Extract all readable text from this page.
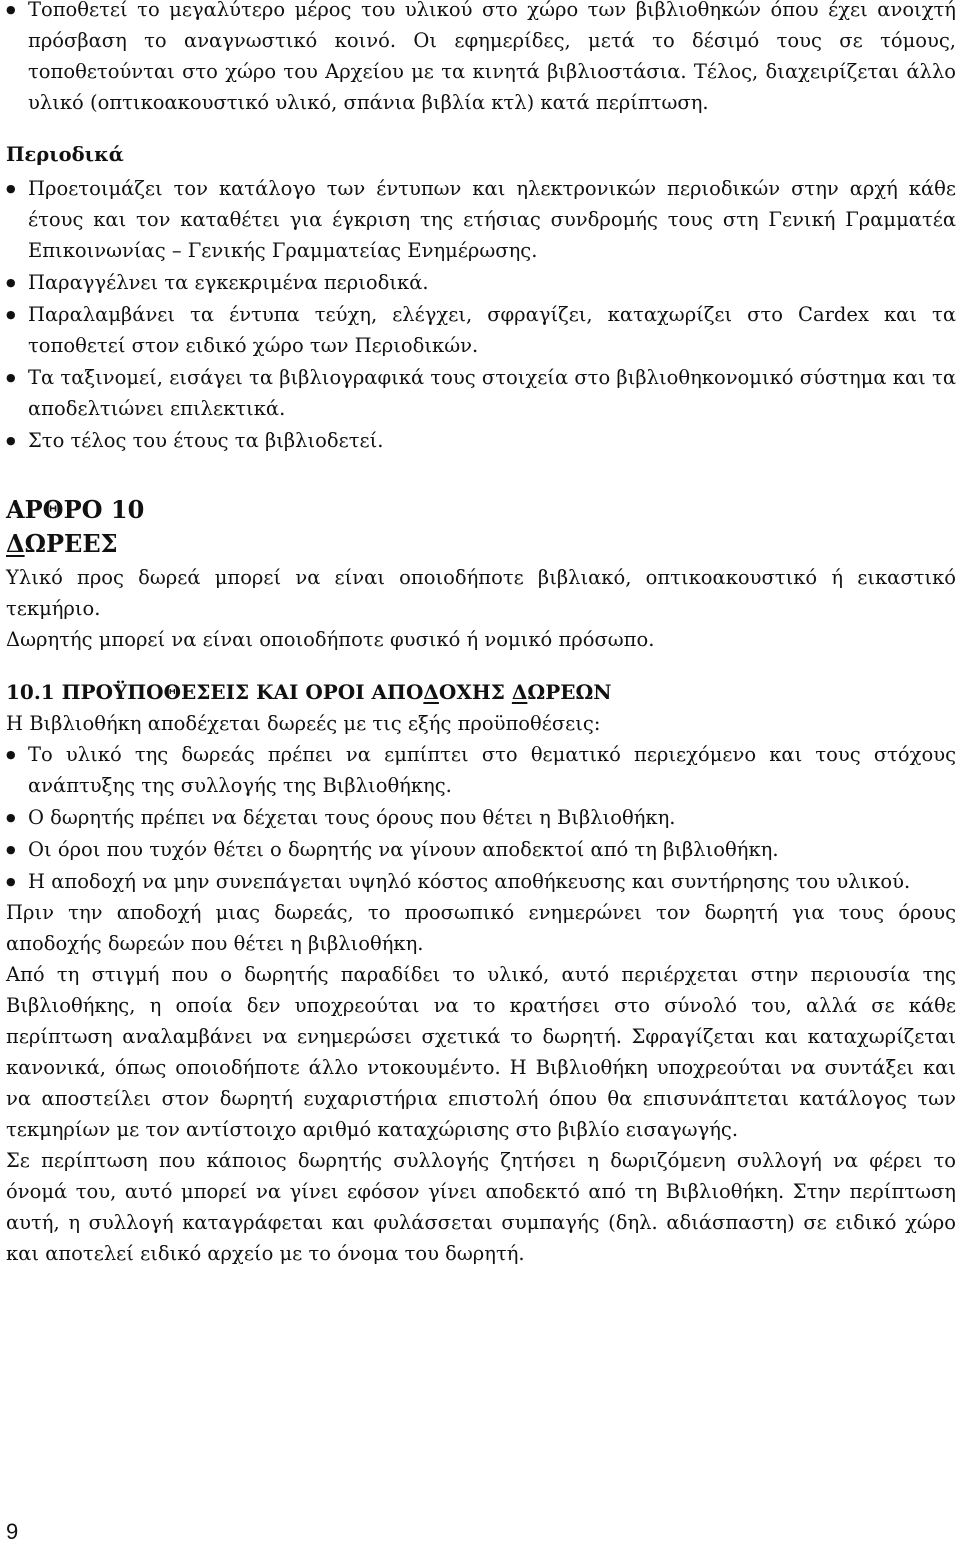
● Τοποθετεί το μεγαλύτερο μέρος του υλικού στο χώρο των βιβλιοθηκών όπου έχει ανοιχτή πρόσβαση το αναγνωστικό κοινό. Οι εφημερίδες, μετά το δέσιμό τους σε τόμους, τοποθετούνται στο χώρο του Αρχείου με τα κινητά βιβλιοστάσια. Τέλος, διαχειρίζεται άλλο υλικό (οπτικοακουστικό υλικό, σπάνια βιβλία κτλ) κατά περίπτωση.
Περιοδικά
● Προετοιμάζει τον κατάλογο των έντυπων και ηλεκτρονικών περιοδικών στην αρχή κάθε έτους και τον καταθέτει για έγκριση της ετήσιας συνδρομής τους στη Γενική Γραμματέα Επικοινωνίας – Γενικής Γραμματείας Ενημέρωσης.
● Παραγγέλνει τα εγκεκριμένα περιοδικά.
● Παραλαμβάνει τα έντυπα τεύχη, ελέγχει, σφραγίζει, καταχωρίζει στο Cardex και τα τοποθετεί στον ειδικό χώρο των Περιοδικών.
● Τα ταξινομεί, εισάγει τα βιβλιογραφικά τους στοιχεία στο βιβλιοθηκονομικό σύστημα και τα αποδελτιώνει επιλεκτικά.
● Στο τέλος του έτους τα βιβλιοδετεί.
ΑΡΘΡΟ 10
ΔΩΡΕΕΣ

Υλικό προς δωρεά μπορεί να είναι οποιοδήποτε βιβλιακό, οπτικοακουστικό ή εικαστικό τεκμήριο.

Δωρητής μπορεί να είναι οποιοδήποτε φυσικό ή νομικό πρόσωπο.

10.1 ΠΡΟΫΠΟΘΕΣΕΙΣ ΚΑΙ ΟΡΟΙ ΑΠΟΔΟΧΗΣ ΔΩΡΕΩΝ

Η Βιβλιοθήκη αποδέχεται δωρεές με τις εξής προϋποθέσεις:

● Το υλικό της δωρεάς πρέπει να εμπίπτει στο θεματικό περιεχόμενο και τους στόχους ανάπτυξης της συλλογής της Βιβλιοθήκης.
● Ο δωρητής πρέπει να δέχεται τους όρους που θέτει η Βιβλιοθήκη.
● Οι όροι που τυχόν θέτει ο δωρητής να γίνουν αποδεκτοί από τη βιβλιοθήκη.
● Η αποδοχή να μην συνεπάγεται υψηλό κόστος αποθήκευσης και συντήρησης του υλικού.

Πριν την αποδοχή μιας δωρεάς, το προσωπικό ενημερώνει τον δωρητή για τους όρους αποδοχής δωρεών που θέτει η βιβλιοθήκη.

Από τη στιγμή που ο δωρητής παραδίδει το υλικό, αυτό περιέρχεται στην περιουσία της Βιβλιοθήκης, η οποία δεν υποχρεούται να το κρατήσει στο σύνολό του, αλλά σε κάθε περίπτωση αναλαμβάνει να ενημερώσει σχετικά το δωρητή. Σφραγίζεται και καταχωρίζεται κανονικά, όπως οποιοδήποτε άλλο ντοκουμέντο. Η Βιβλιοθήκη υποχρεούται να συντάξει και να αποστείλει στον δωρητή ευχαριστήρια επιστολή όπου θα επισυνάπτεται κατάλογος των τεκμηρίων με τον αντίστοιχο αριθμό καταχώρισης στο βιβλίο εισαγωγής.

Σε περίπτωση που κάποιος δωρητής συλλογής ζητήσει η δωριζόμενη συλλογή να φέρει το όνομά του, αυτό μπορεί να γίνει εφόσον γίνει αποδεκτό από τη Βιβλιοθήκη. Στην περίπτωση αυτή, η συλλογή καταγράφεται και φυλάσσεται συμπαγής (δηλ. αδιάσπαστη) σε ειδικό χώρο και αποτελεί ειδικό αρχείο με το όνομα του δωρητή.

9
